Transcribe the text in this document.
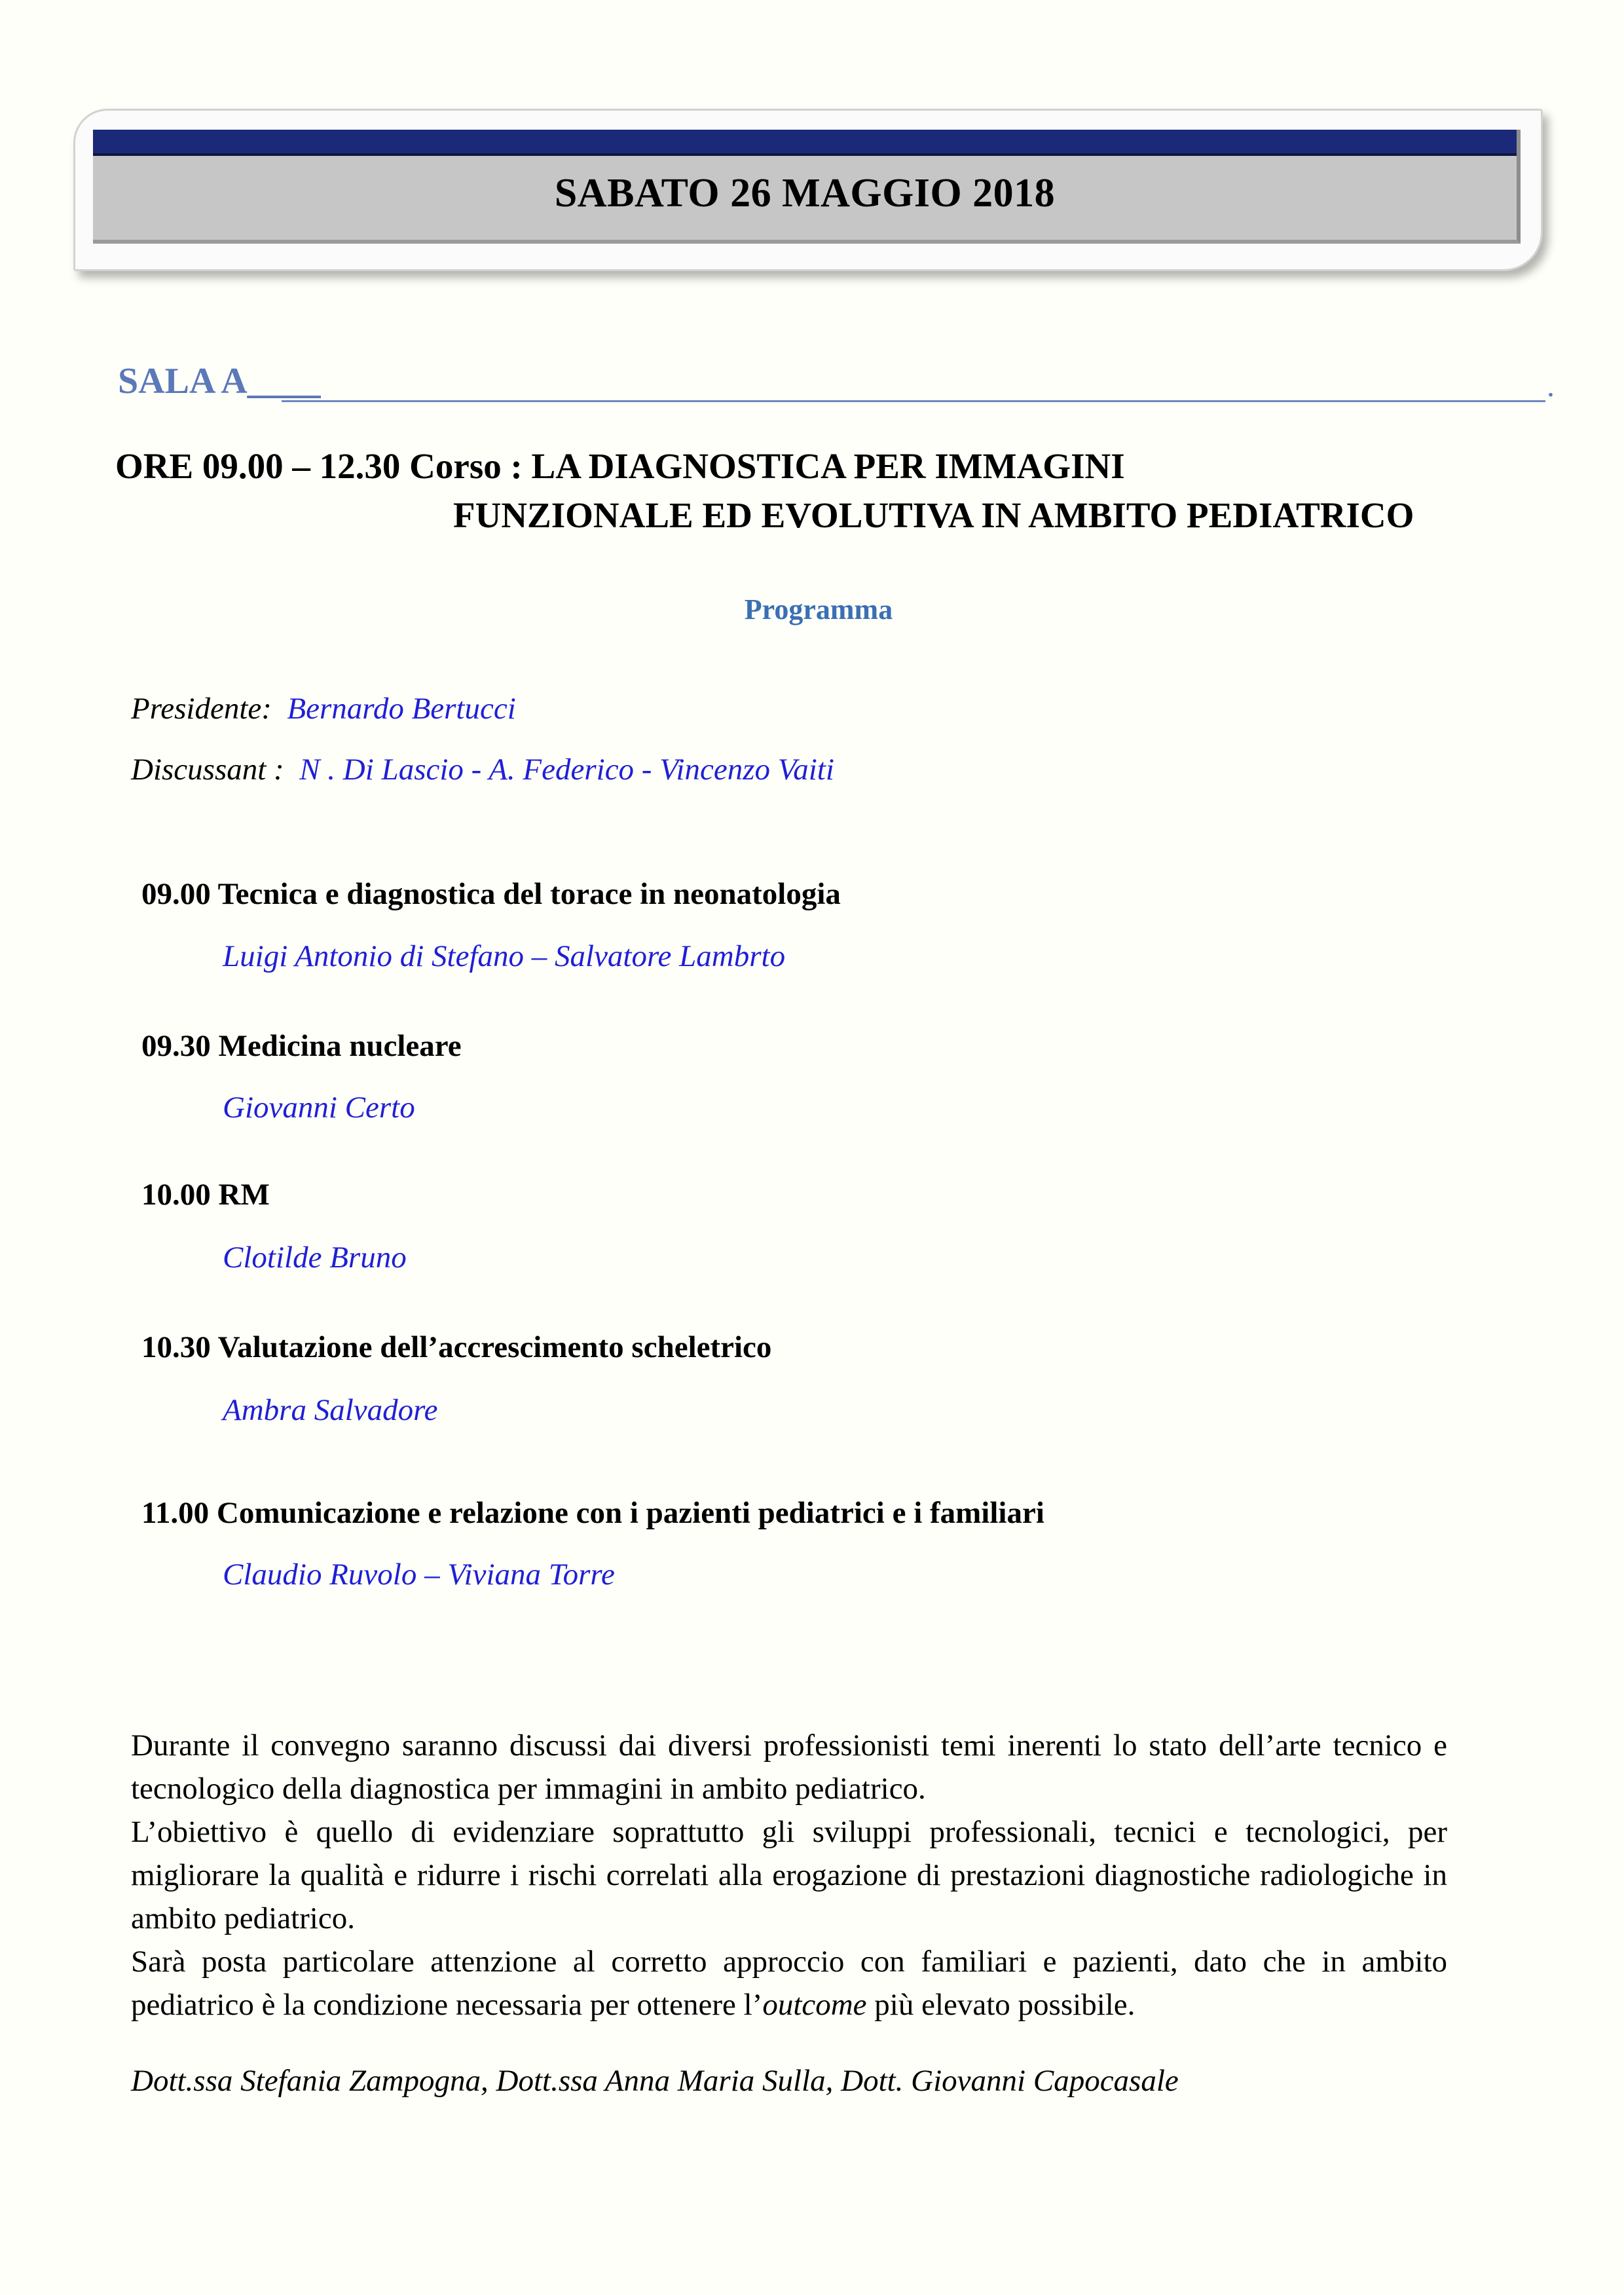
SABATO 26 MAGGIO 2018
SALA A____	.
ORE 09.00 – 12.30 Corso : LA DIAGNOSTICA PER IMMAGINI
FUNZIONALE ED EVOLUTIVA IN AMBITO PEDIATRICO
Programma
Presidente: Bernardo Bertucci
Discussant : N . Di Lascio - A. Federico - Vincenzo Vaiti
09.00 Tecnica e diagnostica del torace in neonatologia
Luigi Antonio di Stefano – Salvatore Lambrto
09.30 Medicina nucleare
Giovanni Certo
10.00 RM
Clotilde Bruno
10.30 Valutazione dell’accrescimento scheletrico
Ambra Salvadore
11.00 Comunicazione e relazione con i pazienti pediatrici e i familiari
Claudio Ruvolo – Viviana Torre

Durante il convegno saranno discussi dai diversi professionisti temi inerenti lo stato dell’arte tecnico e tecnologico della diagnostica per immagini in ambito pediatrico.

L’obiettivo è quello di evidenziare soprattutto gli sviluppi professionali, tecnici e tecnologici, per migliorare la qualità e ridurre i rischi correlati alla erogazione di prestazioni diagnostiche radiologiche in ambito pediatrico.

Sarà posta particolare attenzione al corretto approccio con familiari e pazienti, dato che in ambito pediatrico è la condizione necessaria per ottenere l’outcome più elevato possibile.

Dott.ssa Stefania Zampogna, Dott.ssa Anna Maria Sulla, Dott. Giovanni Capocasale
